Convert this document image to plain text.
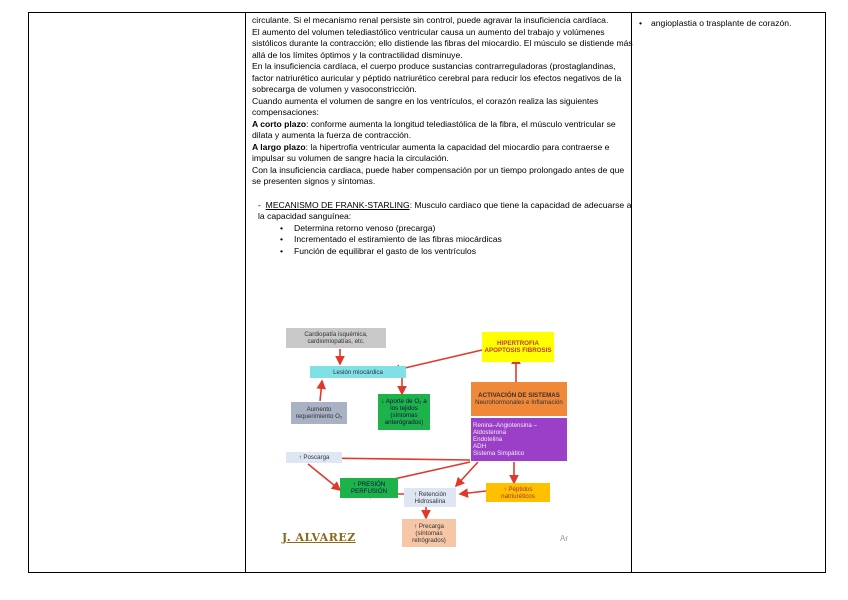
circulante. Si el mecanismo renal persiste sin control, puede agravar la insuficiencia cardíaca.

El aumento del volumen telediastólico ventricular causa un aumento del trabajo y volúmenes sistólicos durante la contracción; ello distiende las fibras del miocardio. El músculo se distiende más allá de los límites óptimos y la contractilidad disminuye.

En la insuficiencia cardíaca, el cuerpo produce sustancias contrarreguladoras (prostaglandinas, factor natriurético auricular y péptido natriurético cerebral para reducir los efectos negativos de la sobrecarga de volumen y vasoconstricción.

Cuando aumenta el volumen de sangre en los ventrículos, el corazón realiza las siguientes compensaciones:

A corto plazo: conforme aumenta la longitud telediastólica de la fibra, el músculo ventricular se dilata y aumenta la fuerza de contracción.

A largo plazo: la hipertrofia ventricular aumenta la capacidad del miocardio para contraerse e impulsar su volumen de sangre hacia la circulación.

Con la insuficiencia cardiaca, puede haber compensación por un tiempo prolongado antes de que se presenten signos y síntomas.

- MECANISMO DE FRANK-STARLING: Musculo cardiaco que tiene la capacidad de adecuarse a la capacidad sanguínea:

• Determina retorno venoso (precarga)
• Incrementado el estiramiento de las fibras miocárdicas
• Función de equilibrar el gasto de los ventrículos
•	angioplastia o trasplante de corazón.
Cardiopatía isquémica, cardiomiopatías, etc.	HIPERTROFIA APOPTOSIS FIBROSIS
Lesión miocárdica
↓ Aporte de O₂ a los tejidos (síntomas anterógrados)
ACTIVACIÓN DE SISTEMAS
Neurohormonales e Inflamación
Aumento requerimiento O₂
Renina–Angiotensina – Aldosterona
Endotelina
ADH
Sistema Simpático
↑ Poscarga
↑ PRESIÓN PERFUSIÓN	↑ Retención Hidrosalina
↑ Péptidos natriuréticos
↑ Precarga (síntomas retrógrados)
J. ALVAREZ	Ar
